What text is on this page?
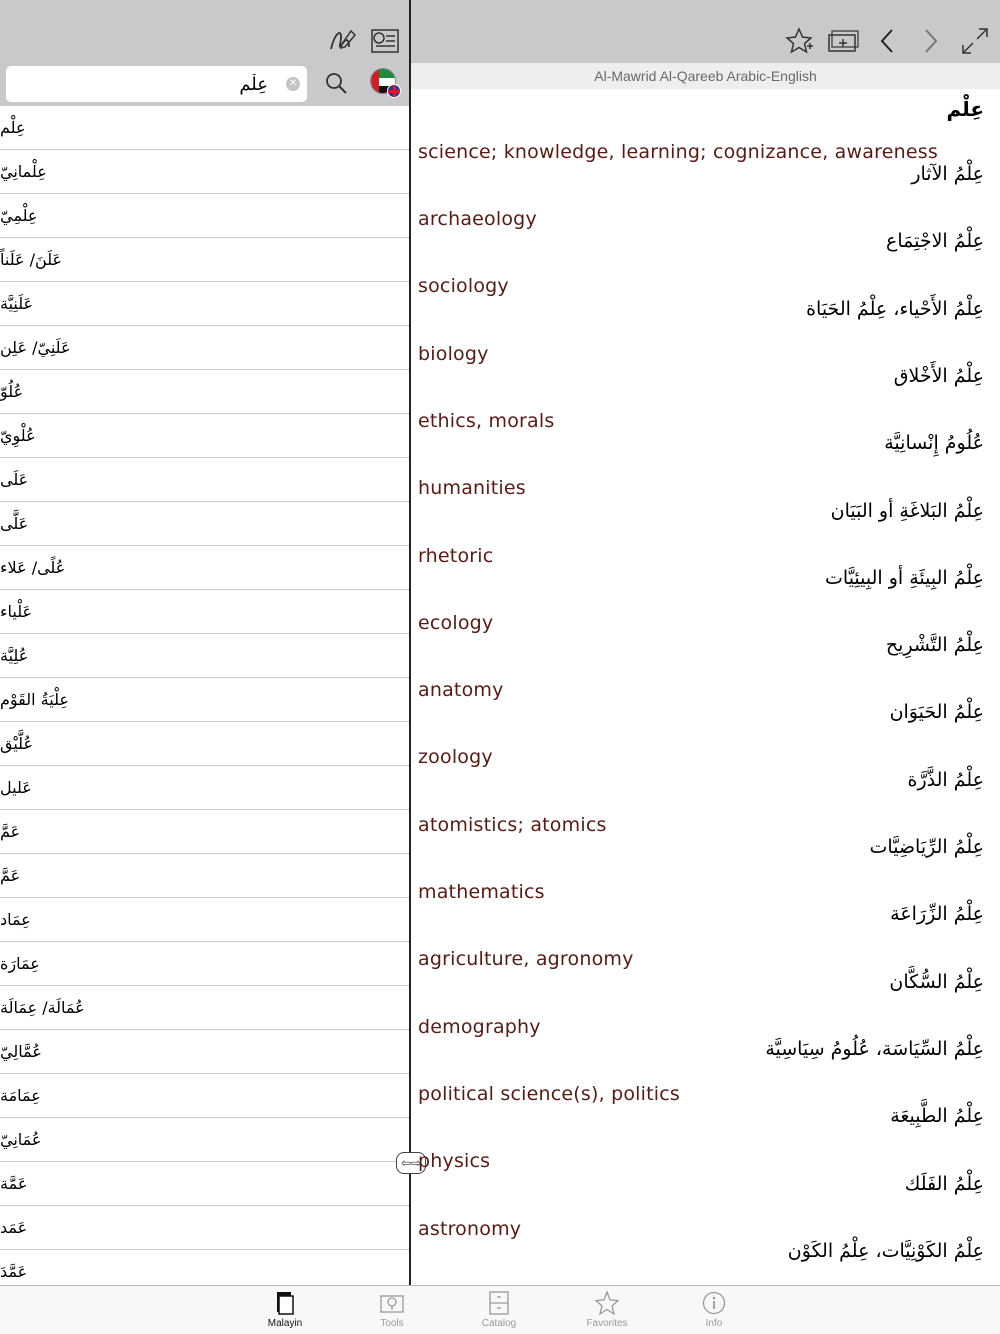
عِلْم
✕
عِلْم
عِلْمانِيّ
عِلْمِيّ
عَلَنَ/ عَلَناً
عَلَنِيَّة
عَلَنِيّ/ عَلِن
عُلُوّ
عُلْوِيّ
عَلَى
عَلَّى
عُلًى/ عَلاء
عَلْياء
عُلِيَّة
عِلْيَةُ القَوْم
عُلَّيْق
عَليل
عَمَّ
عَمَّ
عِمَاد
عِمَارَة
عُمَالَة/ عِمَالَة
عُمَّالِيّ
عِمَامَة
عُمَانِيّ
عَمَّة
عَمَد
عَمَّدَ
⇦⇨
Al-Mawrid Al-Qareeb Arabic-English
عِلْم
science; knowledge, learning; cognizance, awareness
عِلْمُ الآثار
archaeology
عِلْمُ الاجْتِمَاع
sociology
عِلْمُ الأَحْياء، عِلْمُ الحَيَاة
biology
عِلْمُ الأَخْلاق
ethics, morals
عُلُومُ إِنْسانِيَّة
humanities
عِلْمُ البَلاغَةِ أو البَيَان
rhetoric
عِلْمُ البِيئَةِ أو البِيئِيَّات
ecology
عِلْمُ التَّشْرِيح
anatomy
عِلْمُ الحَيَوَان
zoology
عِلْمُ الذَّرَّة
atomistics; atomics
عِلْمُ الرِّيَاضِيَّات
mathematics
عِلْمُ الزِّرَاعَة
agriculture, agronomy
عِلْمُ السُّكَّان
demography
عِلْمُ السِّيَاسَة، عُلُومُ سِيَاسِيَّة
political science(s), politics
عِلْمُ الطَّبِيعَة
physics
عِلْمُ الفَلَك
astronomy
عِلْمُ الكَوْنِيَّات، عِلْمُ الكَوْن
Malayin	Tools	Catalog	Favorites	Info
